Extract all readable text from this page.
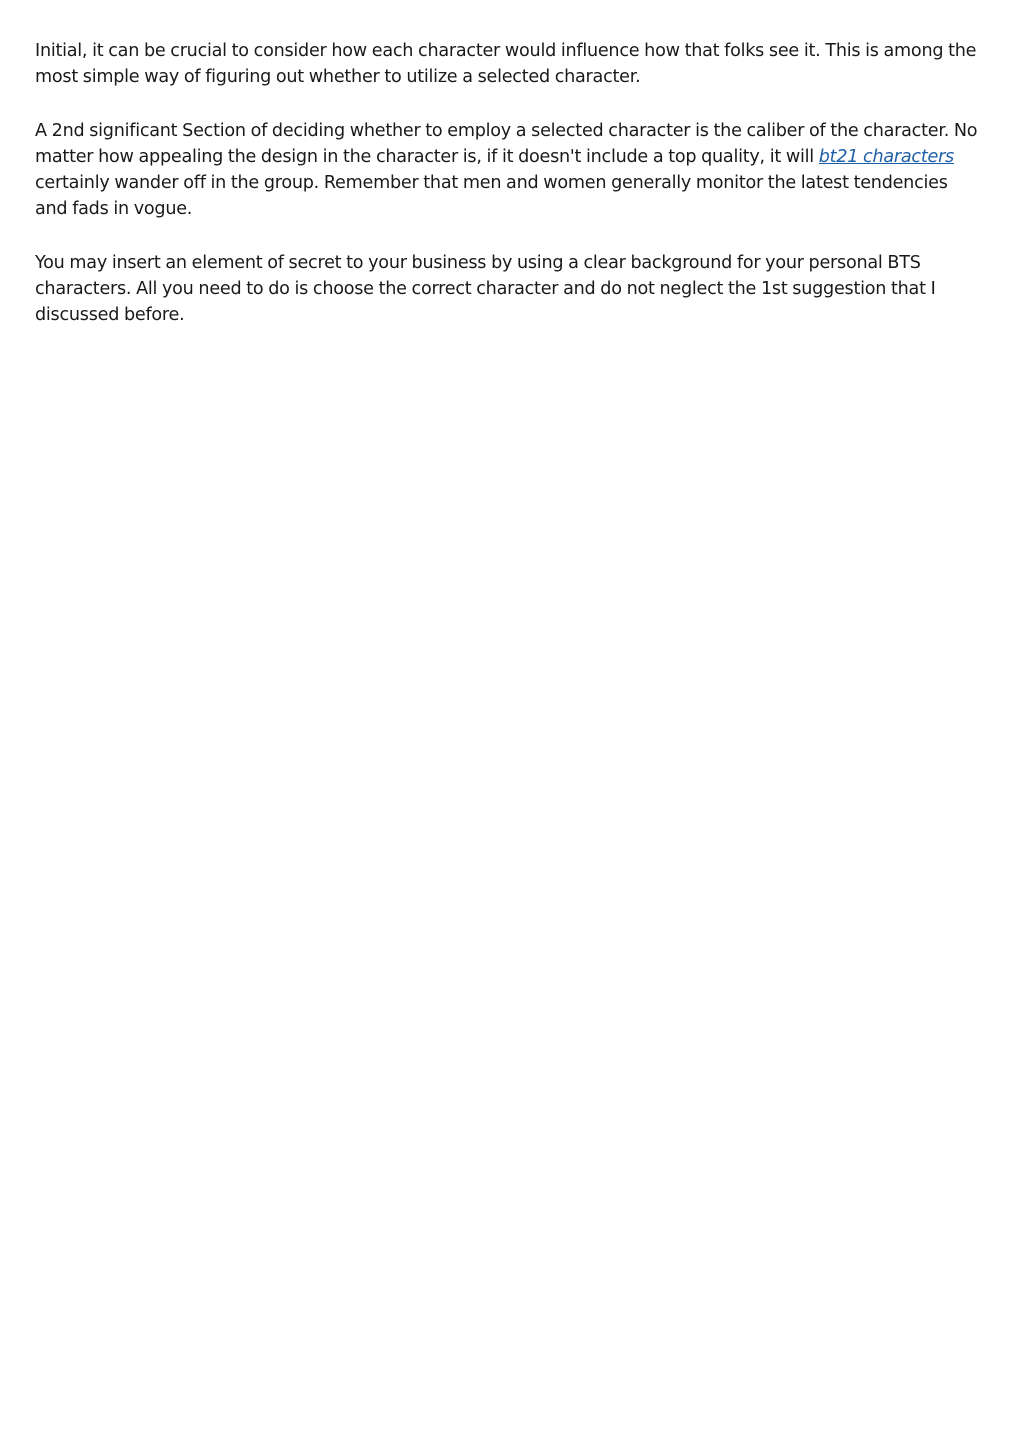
Initial, it can be crucial to consider how each character would influence how that folks see it. This is among the most simple way of figuring out whether to utilize a selected character.

A 2nd significant Section of deciding whether to employ a selected character is the caliber of the character. No matter how appealing the design in the character is, if it doesn't include a top quality, it will bt21 characters certainly wander off in the group. Remember that men and women generally monitor the latest tendencies and fads in vogue.

You may insert an element of secret to your business by using a clear background for your personal BTS characters. All you need to do is choose the correct character and do not neglect the 1st suggestion that I discussed before.
